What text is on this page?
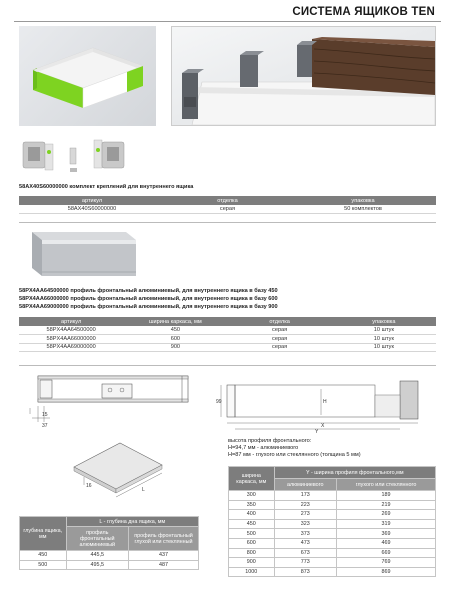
СИСТЕМА ЯЩИКОВ TEN
58AX40S60000000 комплект креплений для внутреннего ящика
артикул	отделка	упаковка
58AX40S60000000	серая	50 комплектов
58PX4AA64500000 профиль фронтальный алюминиевый, для внутреннего ящика в базу 450
58PX4AA66000000 профиль фронтальный алюминиевый, для внутреннего ящика в базу 600
58PX4AA69000000 профиль фронтальный алюминиевый, для внутреннего ящика в базу 900
артикул	ширина каркаса, мм	отделка	упаковка
58PX4AA64500000	450	серая	10 штук
58PX4AA66000000	600	серая	10 штук
58PX4AA69000000	900	серая	10 штук
15
37
99	H
X
Y
L
16
высота профиля фронтального:
H=94,7 мм - алюминиевого
H=87 мм - глухого или стеклянного (толщина 5 мм)
ширина каркаса, мм	Y - ширина профиля фронтального,мм	
	алюминиевого	глухого или стеклянного
300	173	189
350	223	219
400	273	269
450	323	319
500	373	369
600	473	469
800	673	669
900	773	769
1000	873	869
глубина ящика, мм	L - глубина дна ящика, мм	
	профиль фронтальный алюминиевый	профиль фронтальный глухой или стеклянный
450	445,5	437
500	495,5	487
